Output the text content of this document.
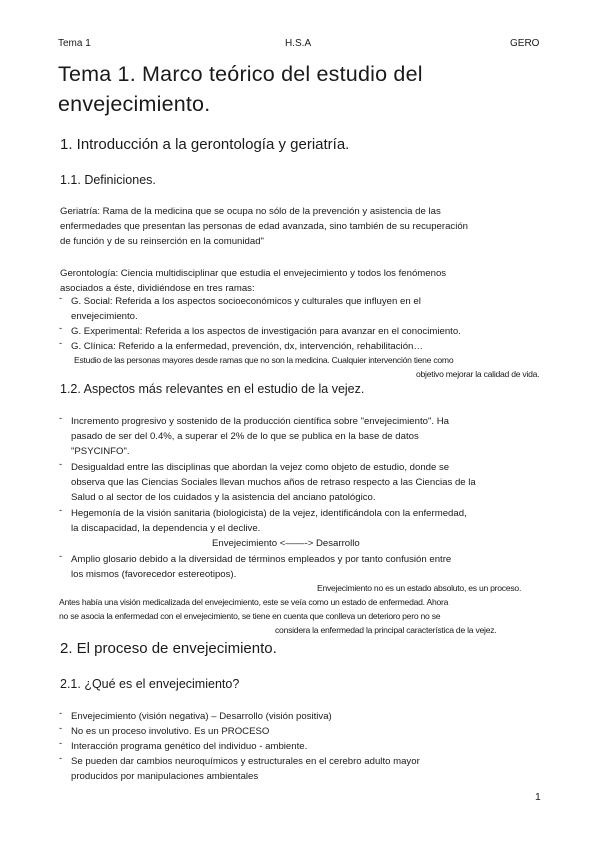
Tema 1	H.S.A	GERO
Tema 1. Marco teórico del estudio del
envejecimiento.
1. Introducción a la gerontología y geriatría.
1.1. Definiciones.
Geriatría: Rama de la medicina que se ocupa no sólo de la prevención y asistencia de las
enfermedades que presentan las personas de edad avanzada, sino también de su recuperación
de función y de su reinserción en la comunidad"
Gerontología: Ciencia multidisciplinar que estudia el envejecimiento y todos los fenómenos
asociados a éste, dividiéndose en tres ramas:
- G. Social: Referida a los aspectos socioeconómicos y culturales que influyen en el
envejecimiento.
- G. Experimental: Referida a los aspectos de investigación para avanzar en el conocimiento.
- G. Clínica: Referido a la enfermedad, prevención, dx, intervención, rehabilitación…
Estudio de las personas mayores desde ramas que no son la medicina. Cualquier intervención tiene como
objetivo mejorar la calidad de vida.
1.2. Aspectos más relevantes en el estudio de la vejez.
- Incremento progresivo y sostenido de la producción científica sobre "envejecimiento". Ha
pasado de ser del 0.4%, a superar el 2% de lo que se publica en la base de datos
"PSYCINFO".
- Desigualdad entre las disciplinas que abordan la vejez como objeto de estudio, donde se
observa que las Ciencias Sociales llevan muchos años de retraso respecto a las Ciencias de la
Salud o al sector de los cuidados y la asistencia del anciano patológico.
- Hegemonía de la visión sanitaria (biologicista) de la vejez, identificándola con la enfermedad,
la discapacidad, la dependencia y el declive.
Envejecimiento <——-> Desarrollo
- Amplio glosario debido a la diversidad de términos empleados y por tanto confusión entre
los mismos (favorecedor estereotipos).
Envejecimiento no es un estado absoluto, es un proceso.
Antes había una visión medicalizada del envejecimiento, este se veía como un estado de enfermedad. Ahora
no se asocia la enfermedad con el envejecimiento, se tiene en cuenta que conlleva un deterioro pero no se
considera la enfermedad la principal característica de la vejez.
2. El proceso de envejecimiento.
2.1. ¿Qué es el envejecimiento?
- Envejecimiento (visión negativa) – Desarrollo (visión positiva)
- No es un proceso involutivo. Es un PROCESO
- Interacción programa genético del individuo - ambiente.
- Se pueden dar cambios neuroquímicos y estructurales en el cerebro adulto mayor
producidos por manipulaciones ambientales
1
